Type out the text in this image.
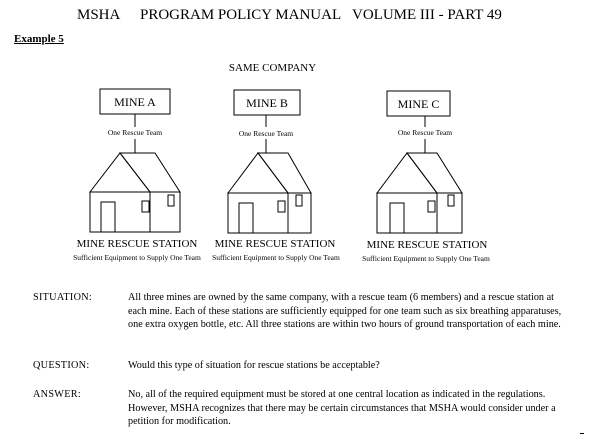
MSHA PROGRAM POLICY MANUAL VOLUME III - PART 49
Example 5
SAME COMPANY
MINE A	MINE B	MINE C
One Rescue Team	One Rescue Team	One Rescue Team
MINE RESCUE STATION	MINE RESCUE STATION	MINE RESCUE STATION
Sufficient Equipment to Supply One Team	Sufficient Equipment to Supply One Team	Sufficient Equipment to Supply One Team
SITUATION:	All three mines are owned by the same company, with a rescue team (6 members) and a rescue station at each mine. Each of these stations are sufficiently equipped for one team such as six breathing apparatuses, one extra oxygen bottle, etc. All three stations are within two hours of ground transportation of each mine.
QUESTION:	Would this type of situation for rescue stations be acceptable?
ANSWER:	No, all of the required equipment must be stored at one central location as indicated in the regulations. However, MSHA recognizes that there may be certain circumstances that MSHA would consider under a petition for modification.
